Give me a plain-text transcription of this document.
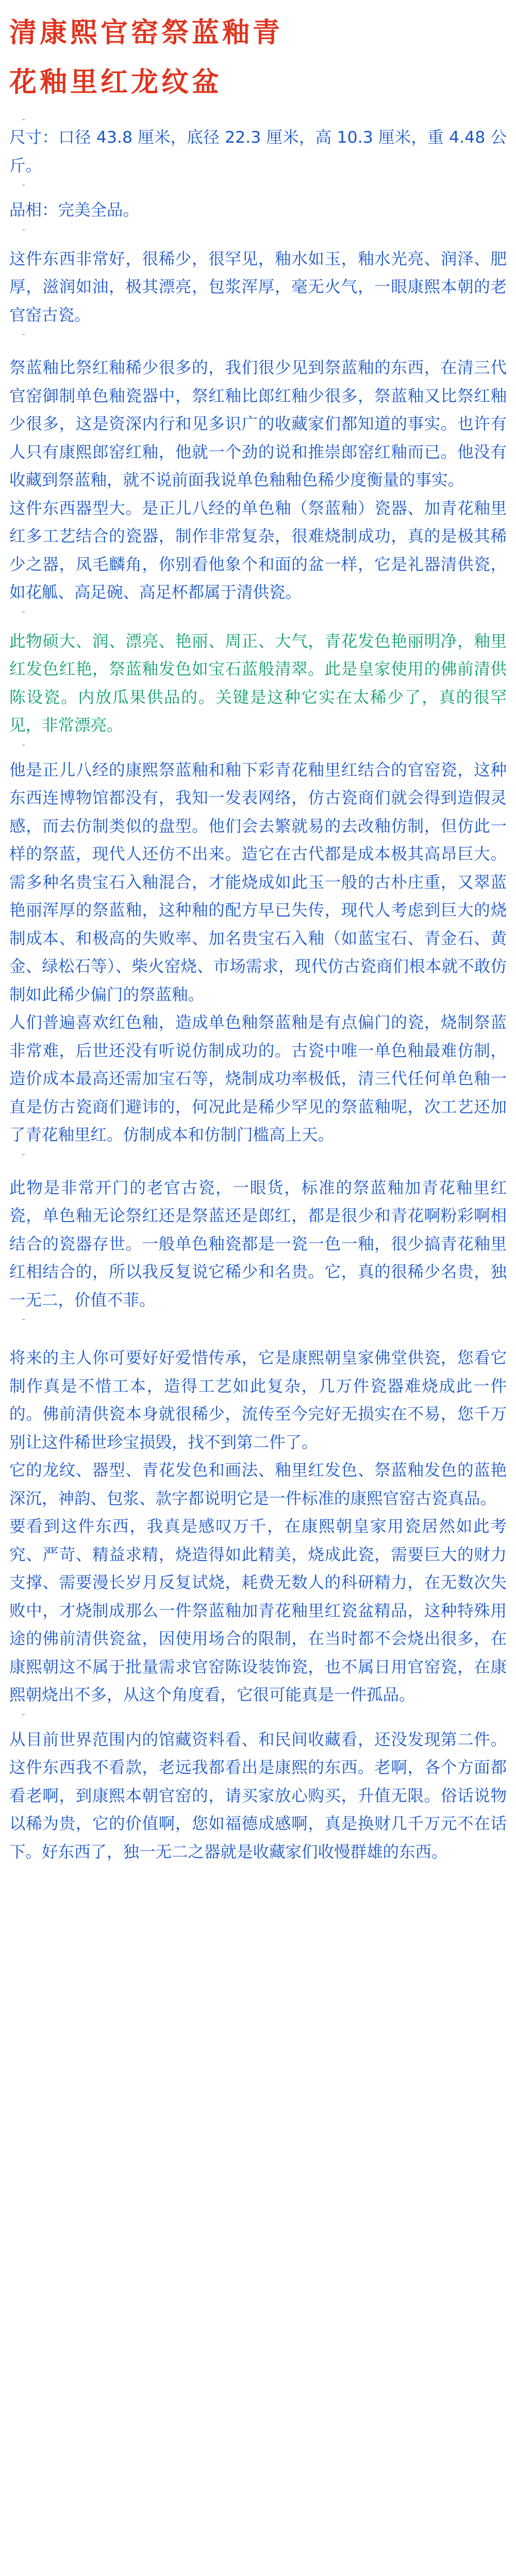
清康熙官窑祭蓝釉青
花釉里红龙纹盆
-

尺寸：口径 43.8 厘米，底径 22.3 厘米，高 10.3 厘米，重 4.48 公斤。

-

品相：完美全品。

-

这件东西非常好，很稀少，很罕见，釉水如玉，釉水光亮、润泽、肥厚，滋润如油，极其漂亮，包浆浑厚，毫无火气，一眼康熙本朝的老官窑古瓷。

-

祭蓝釉比祭红釉稀少很多的，我们很少见到祭蓝釉的东西，在清三代官窑御制单色釉瓷器中，祭红釉比郎红釉少很多，祭蓝釉又比祭红釉少很多，这是资深内行和见多识广的收藏家们都知道的事实。也许有人只有康熙郎窑红釉，他就一个劲的说和推崇郎窑红釉而已。他没有收藏到祭蓝釉，就不说前面我说单色釉釉色稀少度衡量的事实。

这件东西器型大。是正儿八经的单色釉（祭蓝釉）瓷器、加青花釉里红多工艺结合的瓷器，制作非常复杂，很难烧制成功，真的是极其稀少之器，凤毛麟角，你别看他象个和面的盆一样，它是礼器清供瓷，如花觚、高足碗、高足杯都属于清供瓷。

-

此物硕大、润、漂亮、艳丽、周正、大气，青花发色艳丽明净，釉里红发色红艳，祭蓝釉发色如宝石蓝般清翠。此是皇家使用的佛前清供陈设瓷。内放瓜果供品的。关键是这种它实在太稀少了，真的很罕见，非常漂亮。

-

他是正儿八经的康熙祭蓝釉和釉下彩青花釉里红结合的官窑瓷，这种东西连博物馆都没有，我知一发表网络，仿古瓷商们就会得到造假灵感，而去仿制类似的盘型。他们会去繁就易的去改釉仿制，但仿此一样的祭蓝，现代人还仿不出来。造它在古代都是成本极其高昂巨大。需多种名贵宝石入釉混合，才能烧成如此玉一般的古朴庄重，又翠蓝艳丽浑厚的祭蓝釉，这种釉的配方早已失传，现代人考虑到巨大的烧制成本、和极高的失败率、加名贵宝石入釉（如蓝宝石、青金石、黄金、绿松石等）、柴火窑烧、市场需求，现代仿古瓷商们根本就不敢仿制如此稀少偏门的祭蓝釉。

人们普遍喜欢红色釉，造成单色釉祭蓝釉是有点偏门的瓷，烧制祭蓝非常难，后世还没有听说仿制成功的。古瓷中唯一单色釉最难仿制，造价成本最高还需加宝石等，烧制成功率极低，清三代任何单色釉一直是仿古瓷商们避讳的，何况此是稀少罕见的祭蓝釉呢，次工艺还加了青花釉里红。仿制成本和仿制门槛高上天。

-

此物是非常开门的老官古瓷，一眼货，标准的祭蓝釉加青花釉里红瓷，单色釉无论祭红还是祭蓝还是郎红，都是很少和青花啊粉彩啊相结合的瓷器存世。一般单色釉瓷都是一瓷一色一釉，很少搞青花釉里红相结合的，所以我反复说它稀少和名贵。它，真的很稀少名贵，独一无二，价值不菲。

-

将来的主人你可要好好爱惜传承，它是康熙朝皇家佛堂供瓷，您看它制作真是不惜工本，造得工艺如此复杂，几万件瓷器难烧成此一件的。佛前清供瓷本身就很稀少，流传至今完好无损实在不易，您千万别让这件稀世珍宝损毁，找不到第二件了。

它的龙纹、器型、青花发色和画法、釉里红发色、祭蓝釉发色的蓝艳深沉，神韵、包浆、款字都说明它是一件标准的康熙官窑古瓷真品。

要看到这件东西，我真是感叹万千，在康熙朝皇家用瓷居然如此考究、严苛、精益求精，烧造得如此精美，烧成此瓷，需要巨大的财力支撑、需要漫长岁月反复试烧，耗费无数人的科研精力，在无数次失败中，才烧制成那么一件祭蓝釉加青花釉里红瓷盆精品，这种特殊用途的佛前清供瓷盆，因使用场合的限制，在当时都不会烧出很多，在康熙朝这不属于批量需求官窑陈设装饰瓷，也不属日用官窑瓷，在康熙朝烧出不多，从这个角度看，它很可能真是一件孤品。

-

从目前世界范围内的馆藏资料看、和民间收藏看，还没发现第二件。这件东西我不看款，老远我都看出是康熙的东西。老啊，各个方面都看老啊，到康熙本朝官窑的，请买家放心购买，升值无限。俗话说物以稀为贵，它的价值啊，您如福德成感啊，真是换财几千万元不在话下。好东西了，独一无二之器就是收藏家们收慢群雄的东西。
